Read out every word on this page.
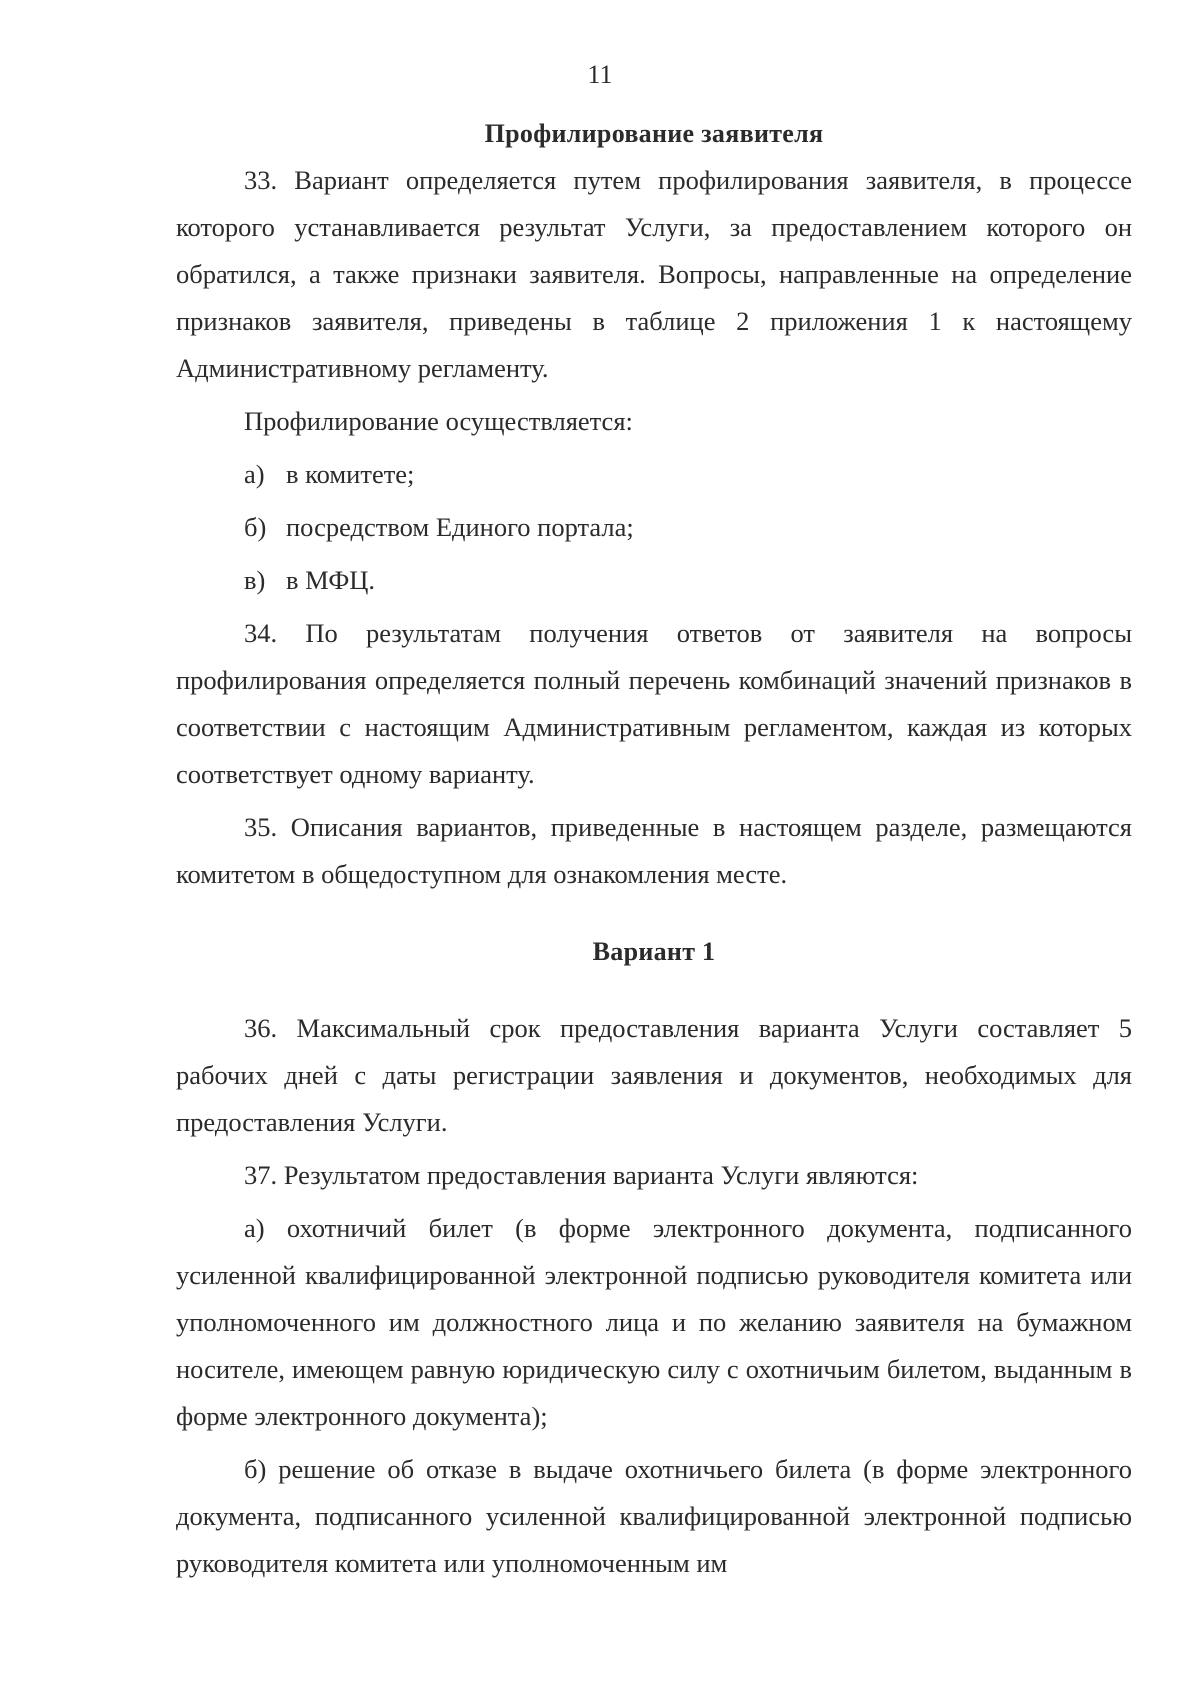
11
Профилирование заявителя

33. Вариант определяется путем профилирования заявителя, в процессе которого устанавливается результат Услуги, за предоставлением которого он обратился, а также признаки заявителя. Вопросы, направленные на определение признаков заявителя, приведены в таблице 2 приложения 1 к настоящему Административному регламенту.

Профилирование осуществляется:

а) в комитете;
б) посредством Единого портала;
в) в МФЦ.

34. По результатам получения ответов от заявителя на вопросы профилирования определяется полный перечень комбинаций значений признаков в соответствии с настоящим Административным регламентом, каждая из которых соответствует одному варианту.

35. Описания вариантов, приведенные в настоящем разделе, размещаются комитетом в общедоступном для ознакомления месте.

Вариант 1

36. Максимальный срок предоставления варианта Услуги составляет 5 рабочих дней с даты регистрации заявления и документов, необходимых для предоставления Услуги.

37. Результатом предоставления варианта Услуги являются:

а) охотничий билет (в форме электронного документа, подписанного усиленной квалифицированной электронной подписью руководителя комитета или уполномоченного им должностного лица и по желанию заявителя на бумажном носителе, имеющем равную юридическую силу с охотничьим билетом, выданным в форме электронного документа);

б) решение об отказе в выдаче охотничьего билета (в форме электронного документа, подписанного усиленной квалифицированной электронной подписью руководителя комитета или уполномоченным им
